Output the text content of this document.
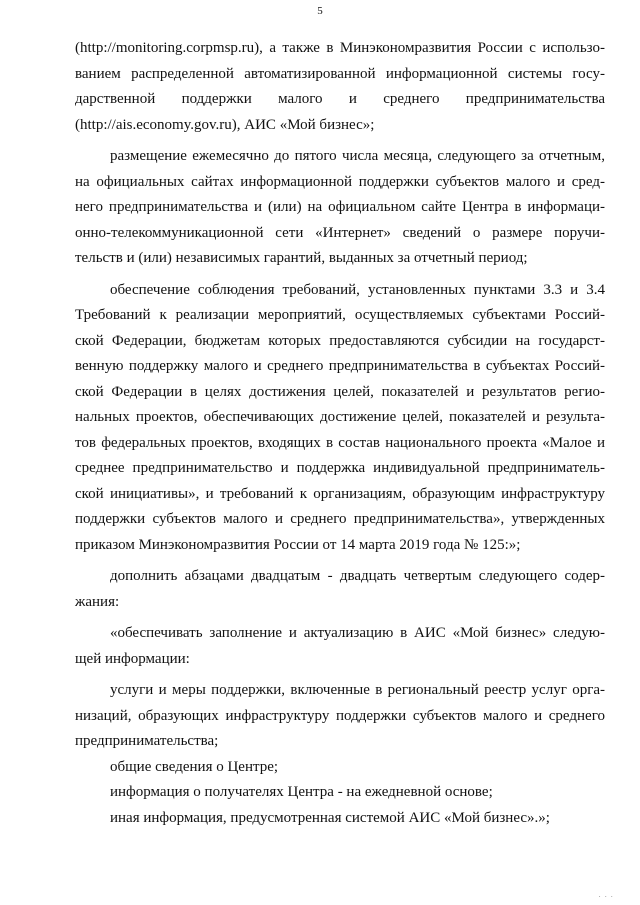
5
(http://monitoring.corpmsp.ru), а также в Минэкономразвития России с использо-
ванием распределенной автоматизированной информационной системы госу-
дарственной поддержки малого и среднего предпринимательства
(http://ais.economy.gov.ru), АИС «Мой бизнес»;
размещение ежемесячно до пятого числа месяца, следующего за отчетным,
на официальных сайтах информационной поддержки субъектов малого и сред-
него предпринимательства и (или) на официальном сайте Центра в информаци-
онно-телекоммуникационной сети «Интернет» сведений о размере поручи-
тельств и (или) независимых гарантий, выданных за отчетный период;
обеспечение соблюдения требований, установленных пунктами 3.3 и 3.4
Требований к реализации мероприятий, осуществляемых субъектами Россий-
ской Федерации, бюджетам которых предоставляются субсидии на государст-
венную поддержку малого и среднего предпринимательства в субъектах Россий-
ской Федерации в целях достижения целей, показателей и результатов регио-
нальных проектов, обеспечивающих достижение целей, показателей и результа-
тов федеральных проектов, входящих в состав национального проекта «Малое и
среднее предпринимательство и поддержка индивидуальной предприниматель-
ской инициативы», и требований к организациям, образующим инфраструктуру
поддержки субъектов малого и среднего предпринимательства», утвержденных
приказом Минэкономразвития России от 14 марта 2019 года № 125:»;
дополнить абзацами двадцатым - двадцать четвертым следующего содер-
жания:
«обеспечивать заполнение и актуализацию в АИС «Мой бизнес» следую-
щей информации:
услуги и меры поддержки, включенные в региональный реестр услуг орга-
низаций, образующих инфраструктуру поддержки субъектов малого и среднего
предпринимательства;
общие сведения о Центре;
информация о получателях Центра - на ежедневной основе;
иная информация, предусмотренная системой АИС «Мой бизнес».»;
· · ·
